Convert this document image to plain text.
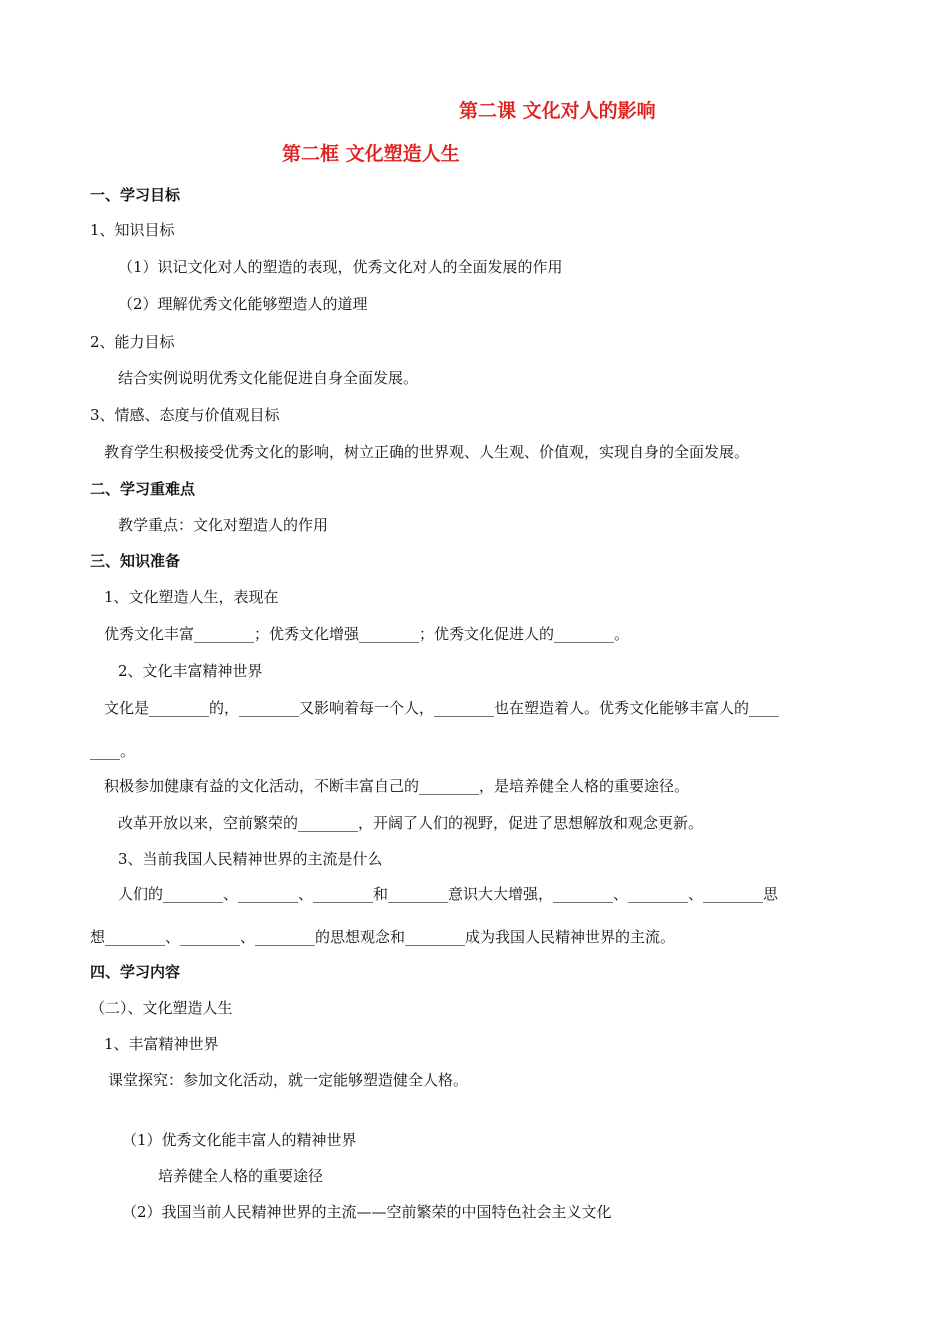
第二课 文化对人的影响
第二框 文化塑造人生
一、学习目标
1、知识目标
（1）识记文化对人的塑造的表现，优秀文化对人的全面发展的作用
（2）理解优秀文化能够塑造人的道理
2、能力目标
结合实例说明优秀文化能促进自身全面发展。
3、情感、态度与价值观目标
教育学生积极接受优秀文化的影响，树立正确的世界观、人生观、价值观，实现自身的全面发展。
二、学习重难点
教学重点：文化对塑造人的作用
三、知识准备
1、文化塑造人生，表现在
优秀文化丰富________；优秀文化增强________；优秀文化促进人的________。
2、文化丰富精神世界
文化是________的，________又影响着每一个人，________也在塑造着人。优秀文化能够丰富人的____
____。
积极参加健康有益的文化活动，不断丰富自己的________，是培养健全人格的重要途径。
改革开放以来，空前繁荣的________，开阔了人们的视野，促进了思想解放和观念更新。
3、当前我国人民精神世界的主流是什么
人们的________、________、________和________意识大大增强，________、________、________思
想________、________、________的思想观念和________成为我国人民精神世界的主流。
四、学习内容
（二）、文化塑造人生
1、丰富精神世界
课堂探究：参加文化活动，就一定能够塑造健全人格。
（1）优秀文化能丰富人的精神世界
培养健全人格的重要途径
（2）我国当前人民精神世界的主流——空前繁荣的中国特色社会主义文化
